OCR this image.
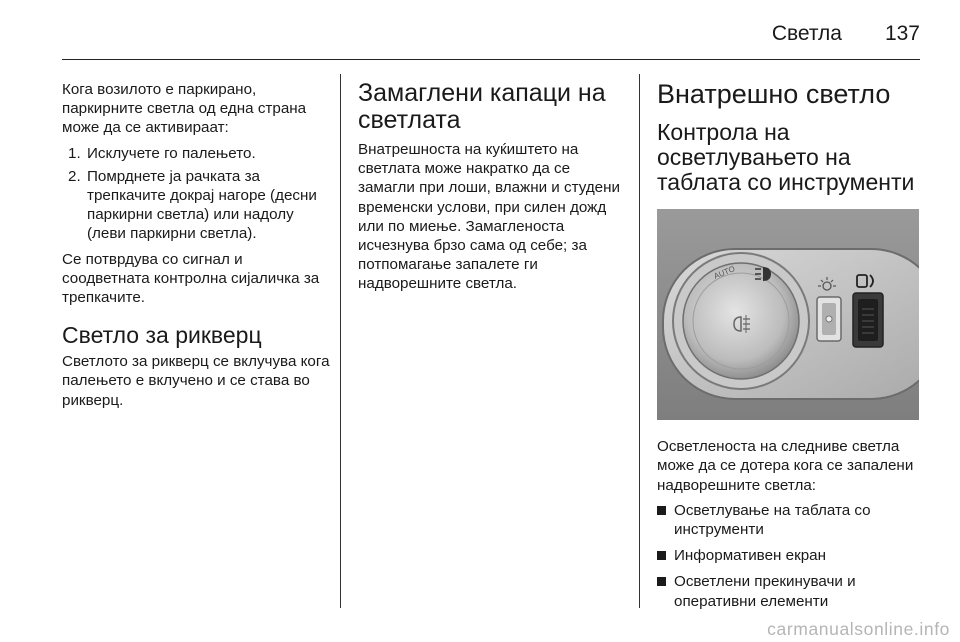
Светла 137

Кога возилото е паркирано, паркирните светла од една страна може да се активираат:

1. Исклучете го палењето.
2. Помрднете ја рачката за трепкачите докрај нагоре (десни паркирни светла) или надолу (леви паркирни светла).

Се потврдува со сигнал и соодветната контролна сијаличка за трепкачите.

Светло за рикверц

Светлото за рикверц се вклучува кога палењето е вклучено и се става во рикверц.

Замаглени капаци на светлата

Внатрешноста на куќиштето на светлата може накратко да се замагли при лоши, влажни и студени временски услови, при силен дожд или по миење. Замагленоста исчезнува брзо сама од себе; за потпомагање запалете ги надворешните светла.

Внатрешно светло
Контрола на осветлувањето на таблата со инструменти
AUTO

Осветленоста на следниве светла може да се дотера кога се запалени надворешните светла:

Осветлување на таблата со инструменти
Информативен екран
Осветлени прекинувачи и оперативни елементи
carmanualsonline.info
